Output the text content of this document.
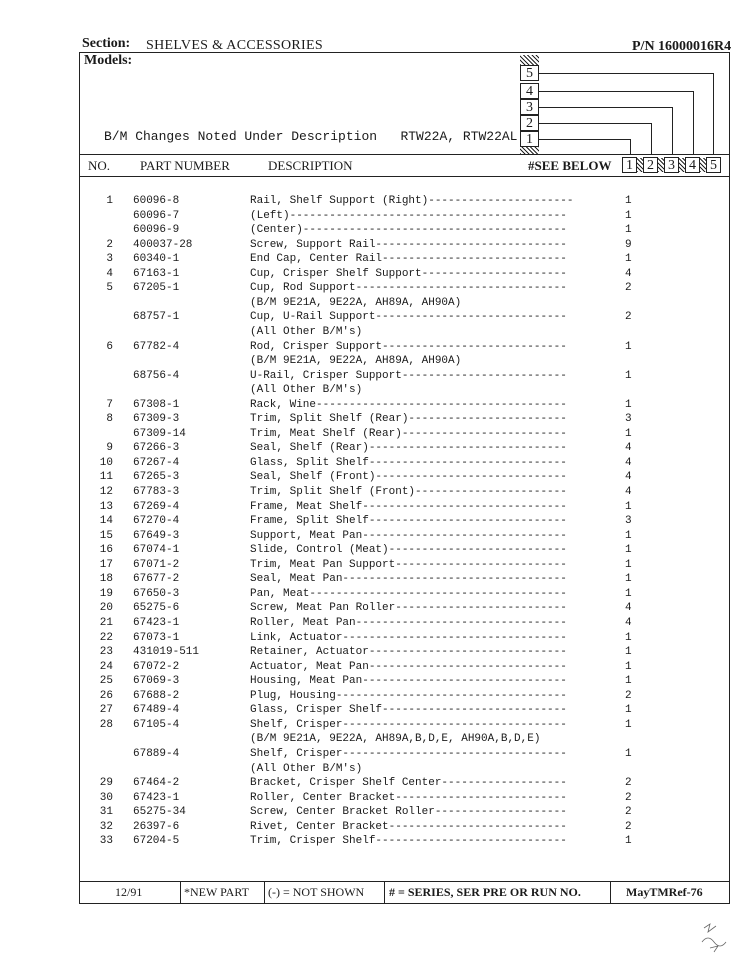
Section: SHELVES & ACCESSORIES	P/N 16000016R4
Models:
B/M Changes Noted Under Description   RTW22A, RTW22AL
NO. PART NUMBER	DESCRIPTION	#SEE BELOW 1 2 3 4 5
5
4
3
2
1
1 60096-8	Rail, Shelf Support (Right)----------------------	1
60096-7	(Left)------------------------------------------	1
60096-9	(Center)----------------------------------------	1
2 400037-28	Screw, Support Rail-----------------------------	9
3 60340-1	End Cap, Center Rail----------------------------	1
4 67163-1	Cup, Crisper Shelf Support----------------------	4
5 67205-1	Cup, Rod Support--------------------------------	2
(B/M 9E21A, 9E22A, AH89A, AH90A)
68757-1	Cup, U-Rail Support-----------------------------	2
(All Other B/M's)
6 67782-4	Rod, Crisper Support----------------------------	1
(B/M 9E21A, 9E22A, AH89A, AH90A)
68756-4	U-Rail, Crisper Support-------------------------	1
(All Other B/M's)
7 67308-1	Rack, Wine--------------------------------------	1
8 67309-3	Trim, Split Shelf (Rear)------------------------	3
67309-14	Trim, Meat Shelf (Rear)-------------------------	1
9 67266-3	Seal, Shelf (Rear)------------------------------	4
10 67267-4	Glass, Split Shelf------------------------------	4
11 67265-3	Seal, Shelf (Front)-----------------------------	4
12 67783-3	Trim, Split Shelf (Front)-----------------------	4
13 67269-4	Frame, Meat Shelf-------------------------------	1
14 67270-4	Frame, Split Shelf------------------------------	3
15 67649-3	Support, Meat Pan-------------------------------	1
16 67074-1	Slide, Control (Meat)---------------------------	1
17 67071-2	Trim, Meat Pan Support--------------------------	1
18 67677-2	Seal, Meat Pan----------------------------------	1
19 67650-3	Pan, Meat---------------------------------------	1
20 65275-6	Screw, Meat Pan Roller--------------------------	4
21 67423-1	Roller, Meat Pan--------------------------------	4
22 67073-1	Link, Actuator----------------------------------	1
23 431019-511	Retainer, Actuator------------------------------	1
24 67072-2	Actuator, Meat Pan------------------------------	1
25 67069-3	Housing, Meat Pan-------------------------------	1
26 67688-2	Plug, Housing-----------------------------------	2
27 67489-4	Glass, Crisper Shelf----------------------------	1
28 67105-4	Shelf, Crisper----------------------------------	1
(B/M 9E21A, 9E22A, AH89A,B,D,E, AH90A,B,D,E)
67889-4	Shelf, Crisper----------------------------------	1
(All Other B/M's)
29 67464-2	Bracket, Crisper Shelf Center-------------------	2
30 67423-1	Roller, Center Bracket--------------------------	2
31 65275-34	Screw, Center Bracket Roller--------------------	2
32 26397-6	Rivet, Center Bracket---------------------------	2
33 67204-5	Trim, Crisper Shelf-----------------------------	1
12/91	*NEW PART (-) = NOT SHOWN # = SERIES, SER PRE OR RUN NO.	MayTMRef-76
